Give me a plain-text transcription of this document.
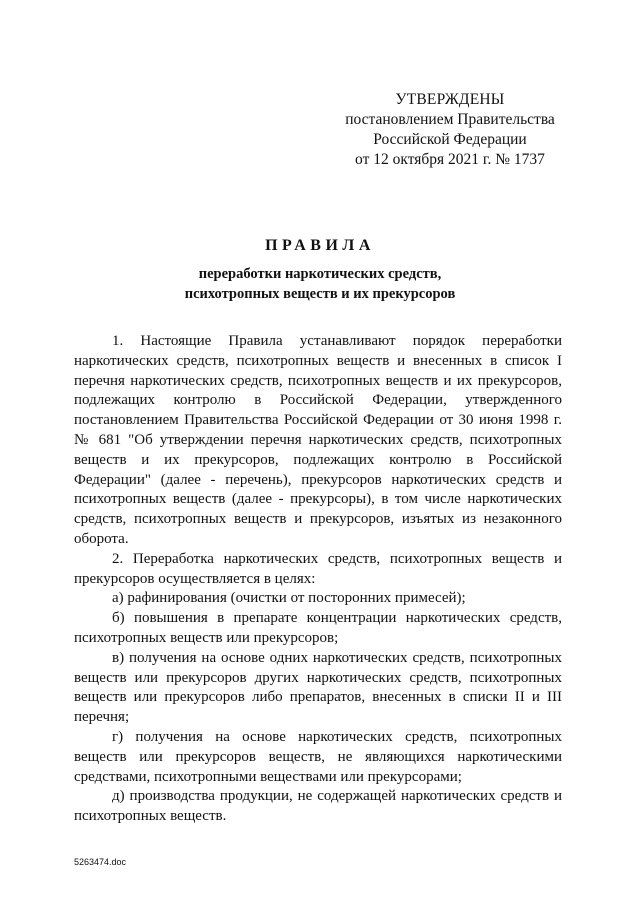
УТВЕРЖДЕНЫ
постановлением Правительства
Российской Федерации
от 12 октября 2021 г. № 1737
ПРАВИЛА
переработки наркотических средств,
психотропных веществ и их прекурсоров

1. Настоящие Правила устанавливают порядок переработки наркотических средств, психотропных веществ и внесенных в список I перечня наркотических средств, психотропных веществ и их прекурсоров, подлежащих контролю в Российской Федерации, утвержденного постановлением Правительства Российской Федерации от 30 июня 1998 г. № 681 "Об утверждении перечня наркотических средств, психотропных веществ и их прекурсоров, подлежащих контролю в Российской Федерации" (далее - перечень), прекурсоров наркотических средств и психотропных веществ (далее - прекурсоры), в том числе наркотических средств, психотропных веществ и прекурсоров, изъятых из незаконного оборота.

2. Переработка наркотических средств, психотропных веществ и прекурсоров осуществляется в целях:

а) рафинирования (очистки от посторонних примесей);

б) повышения в препарате концентрации наркотических средств, психотропных веществ или прекурсоров;

в) получения на основе одних наркотических средств, психотропных веществ или прекурсоров других наркотических средств, психотропных веществ или прекурсоров либо препаратов, внесенных в списки II и III перечня;

г) получения на основе наркотических средств, психотропных веществ или прекурсоров веществ, не являющихся наркотическими средствами, психотропными веществами или прекурсорами;

д) производства продукции, не содержащей наркотических средств и психотропных веществ.

5263474.doc
